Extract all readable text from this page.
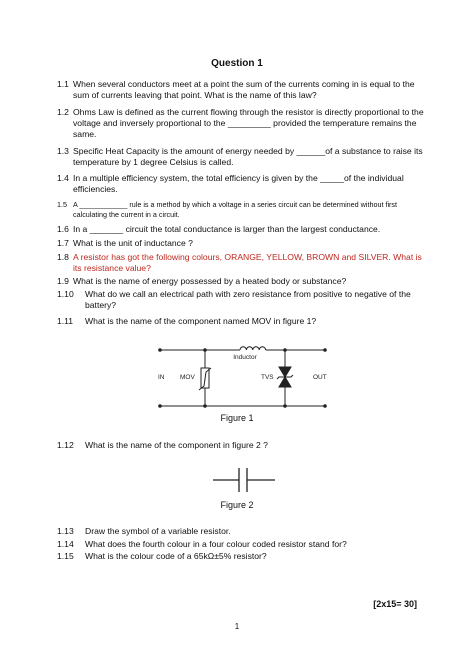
Question 1
1.1 When several conductors meet at a point the sum of the currents coming in is equal to the sum of currents leaving that point. What is the name of this law?
1.2 Ohms Law is defined as the current flowing through the resistor is directly proportional to the voltage and inversely proportional to the _________ provided the temperature remains the same.
1.3 Specific Heat Capacity is the amount of energy needed by ______of a substance to raise its temperature by 1 degree Celsius is called.
1.4 In a multiple efficiency system, the total efficiency is given by the _____of the individual efficiencies.
1.5 A ____________ rule is a method by which a voltage in a series circuit can be determined without first calculating the current in a circuit.
1.6 In a _______ circuit the total conductance is larger than the largest conductance.
1.7 What is the unit of inductance ?
1.8 A resistor has got the following colours, ORANGE, YELLOW, BROWN and SILVER. What is its resistance value?
1.9 What is the name of energy possessed by a heated body or substance?
1.10	What do we call an electrical path with zero resistance from positive to negative of the battery?
1.11	What is the name of the component named MOV in figure 1?
Inductor
IN MOV	TVS	OUT
Figure 1
1.12	What is the name of the component in figure 2 ?
Figure 2
1.13	Draw the symbol of a variable resistor.
1.14	What does the fourth colour in a four colour coded resistor stand for?
1.15	What is the colour code of a 65kΩ±5% resistor?
[2x15= 30]
1
